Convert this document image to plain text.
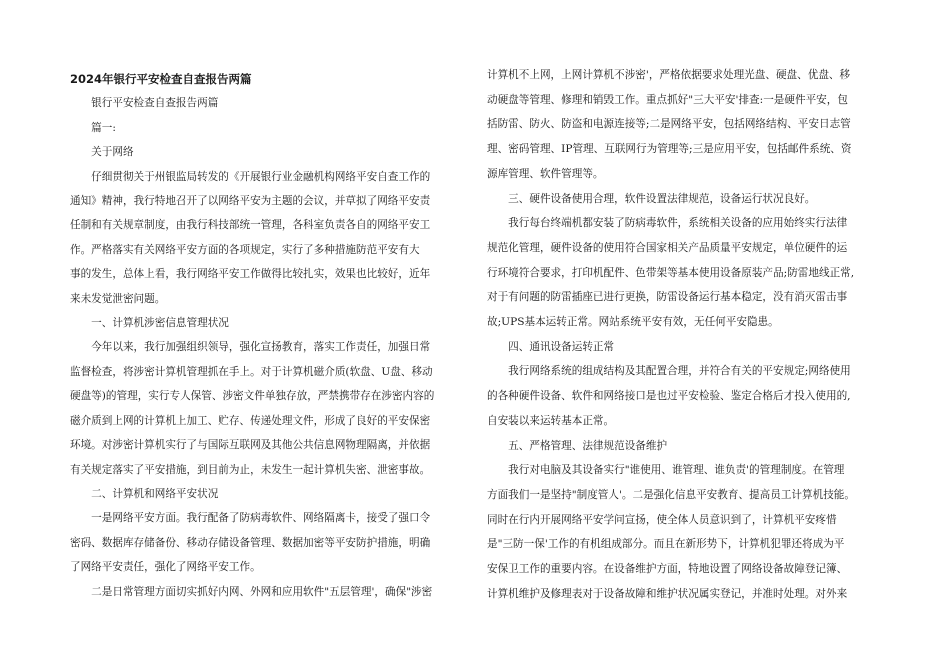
2024年银行平安检查自查报告两篇
　　银行平安检查自查报告两篇
　　篇一:
　　关于网络
　　仔细贯彻关于州银监局转发的《开展银行业金融机构网络平安自查工作的
通知》精神，我行特地召开了以网络平安为主题的会议，并草拟了网络平安责
任制和有关规章制度，由我行科技部统一管理，各科室负责各自的网络平安工
作。严格落实有关网络平安方面的各项规定，实行了多种措施防范平安有大
事的发生，总体上看，我行网络平安工作做得比较扎实，效果也比较好，近年
来未发觉泄密问题。
　　一、计算机涉密信息管理状况
　　今年以来，我行加强组织领导，强化宣扬教育，落实工作责任，加强日常
监督检查，将涉密计算机管理抓在手上。对于计算机磁介质(软盘、U盘、移动
硬盘等)的管理，实行专人保管、涉密文件单独存放，严禁携带存在涉密内容的
磁介质到上网的计算机上加工、贮存、传递处理文件，形成了良好的平安保密
环境。对涉密计算机实行了与国际互联网及其他公共信息网物理隔离，并依据
有关规定落实了平安措施，到目前为止，未发生一起计算机失密、泄密事故。
　　二、计算机和网络平安状况
　　一是网络平安方面。我行配备了防病毒软件、网络隔离卡，接受了强口令
密码、数据库存储备份、移动存储设备管理、数据加密等平安防护措施，明确
了网络平安责任，强化了网络平安工作。
　　二是日常管理方面切实抓好内网、外网和应用软件"五层管理'，确保"涉密
计算机不上网，上网计算机不涉密'，严格依据要求处理光盘、硬盘、优盘、移
动硬盘等管理、修理和销毁工作。重点抓好"三大平安'排查:一是硬件平安，包
括防雷、防火、防盗和电源连接等;二是网络平安，包括网络结构、平安日志管
理、密码管理、IP管理、互联网行为管理等;三是应用平安，包括邮件系统、资
源库管理、软件管理等。
　　三、硬件设备使用合理，软件设置法律规范，设备运行状况良好。
　　我行每台终端机都安装了防病毒软件，系统相关设备的应用始终实行法律
规范化管理，硬件设备的使用符合国家相关产品质量平安规定，单位硬件的运
行环境符合要求，打印机配件、色带架等基本使用设备原装产品;防雷地线正常,
对于有问题的防雷插座已进行更换，防雷设备运行基本稳定，没有消灭雷击事
故;UPS基本运转正常。网站系统平安有效，无任何平安隐患。
　　四、通讯设备运转正常
　　我行网络系统的组成结构及其配置合理，并符合有关的平安规定;网络使用
的各种硬件设备、软件和网络接口是也过平安检验、鉴定合格后才投入使用的,
自安装以来运转基本正常。
　　五、严格管理、法律规范设备维护
　　我行对电脑及其设备实行"谁使用、谁管理、谁负责'的管理制度。在管理
方面我们一是坚持"制度管人'。二是强化信息平安教育、提高员工计算机技能。
同时在行内开展网络平安学问宣扬，使全体人员意识到了，计算机平安疼惜
是"三防一保'工作的有机组成部分。而且在新形势下，计算机犯罪还将成为平
安保卫工作的重要内容。在设备维护方面，特地设置了网络设备故障登记簿、
计算机维护及修理表对于设备故障和维护状况属实登记，并准时处理。对外来
